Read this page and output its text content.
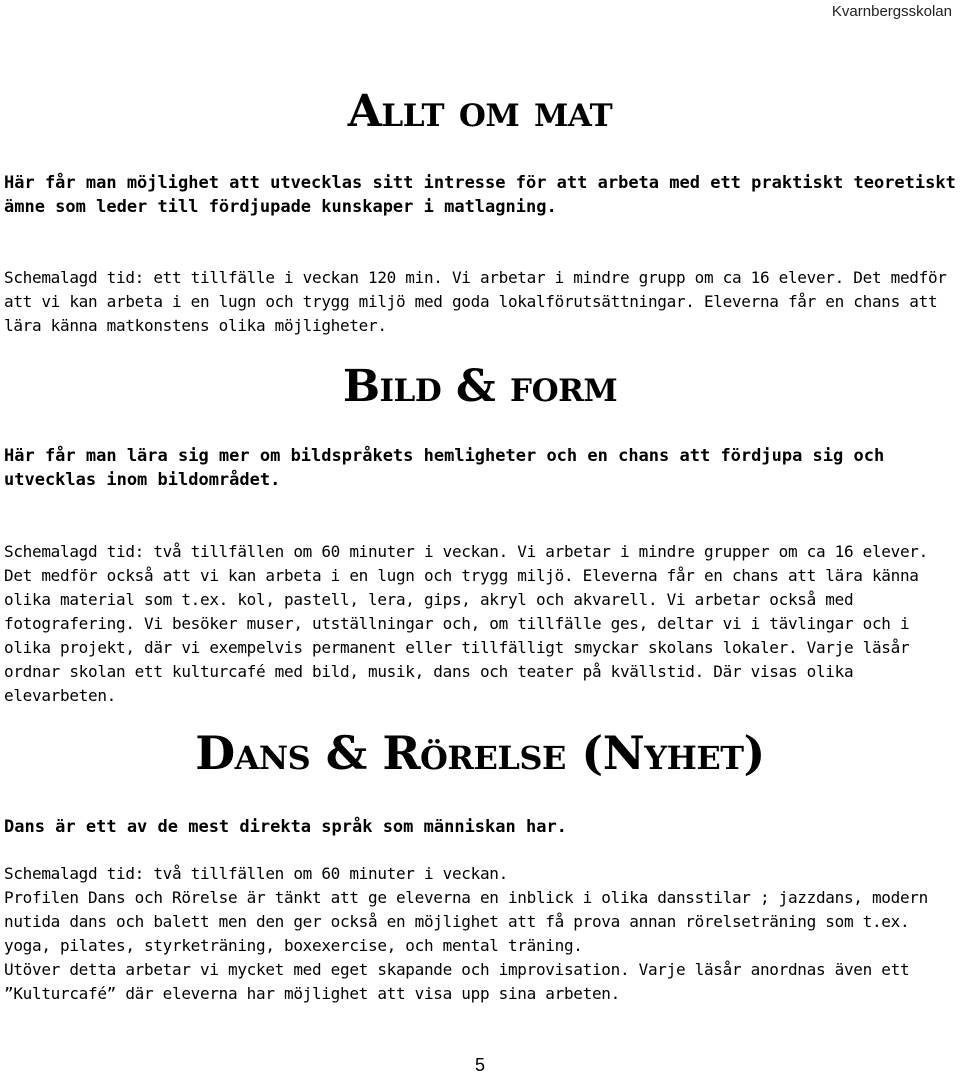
Kvarnbergsskolan
Allt om mat

Här får man möjlighet att utvecklas sitt intresse för att arbeta med ett praktiskt teoretiskt ämne som leder till fördjupade kunskaper i matlagning.

Schemalagd tid: ett tillfälle i veckan 120 min. Vi arbetar i mindre grupp om ca 16 elever. Det medför att vi kan arbeta i en lugn och trygg miljö med goda lokalförutsättningar. Eleverna får en chans att lära känna matkonstens olika möjligheter.

Bild & form

Här får man lära sig mer om bildspråkets hemligheter och en chans att fördjupa sig och utvecklas inom bildområdet.

Schemalagd tid: två tillfällen om 60 minuter i veckan. Vi arbetar i mindre grupper om ca 16 elever. Det medför också att vi kan arbeta i en lugn och trygg miljö. Eleverna får en chans att lära känna olika material som t.ex. kol, pastell, lera, gips, akryl och akvarell. Vi arbetar också med fotografering. Vi besöker muser, utställningar och, om tillfälle ges, deltar vi i tävlingar och i olika projekt, där vi exempelvis permanent eller tillfälligt smyckar skolans lokaler. Varje läsår ordnar skolan ett kulturcafé med bild, musik, dans och teater på kvällstid. Där visas olika elevarbeten.

Dans & Rörelse (Nyhet)

Dans är ett av de mest direkta språk som människan har.

Schemalagd tid: två tillfällen om 60 minuter i veckan.
Profilen Dans och Rörelse är tänkt att ge eleverna en inblick i olika dansstilar ; jazzdans, modern nutida dans och balett men den ger också en möjlighet att få prova annan rörelseträning som t.ex. yoga, pilates, styrketräning, boxexercise, och mental träning.
Utöver detta arbetar vi mycket med eget skapande och improvisation. Varje läsår anordnas även ett ”Kulturcafé” där eleverna har möjlighet att visa upp sina arbeten.
5
